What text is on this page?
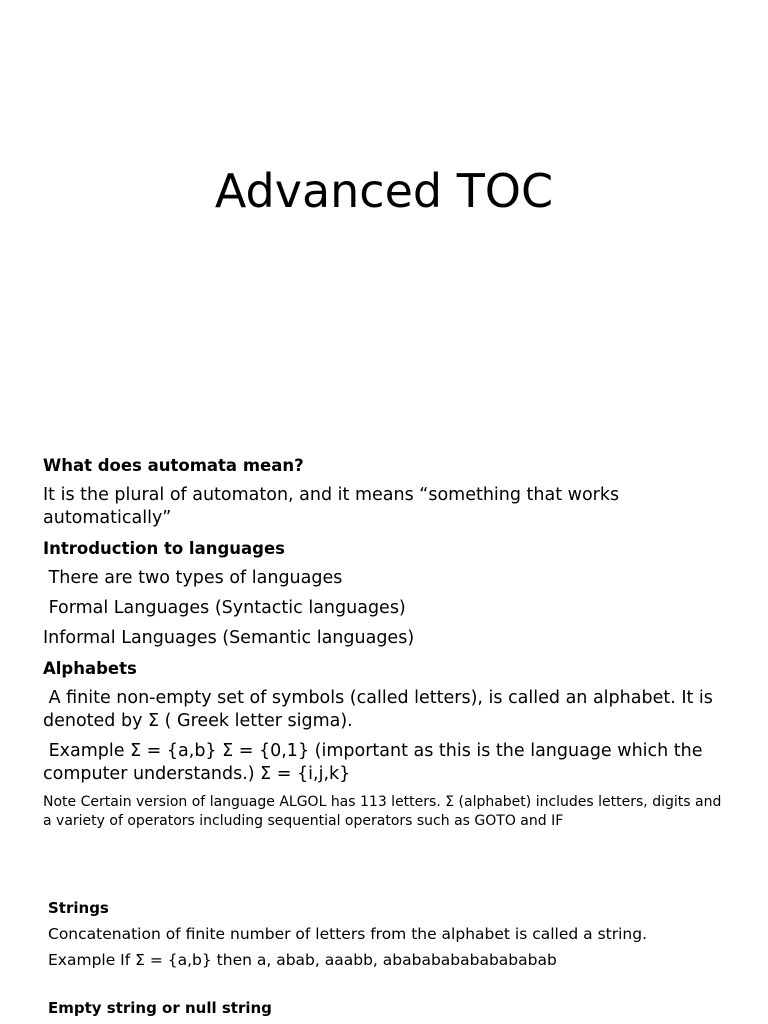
Advanced TOC

What does automata mean?

It is the plural of automaton, and it means “something that works automatically”

Introduction to languages

There are two types of languages

Formal Languages (Syntactic languages)

Informal Languages (Semantic languages)

Alphabets

A finite non-empty set of symbols (called letters), is called an alphabet. It is denoted by Σ ( Greek letter sigma).

Example Σ = {a,b} Σ = {0,1} (important as this is the language which the computer understands.) Σ = {i,j,k}

Note Certain version of language ALGOL has 113 letters. Σ (alphabet) includes letters, digits and a variety of operators including sequential operators such as GOTO and IF

Strings

Concatenation of finite number of letters from the alphabet is called a string.

Example If Σ = {a,b} then a, abab, aaabb, ababababababababab

Empty string or null string
